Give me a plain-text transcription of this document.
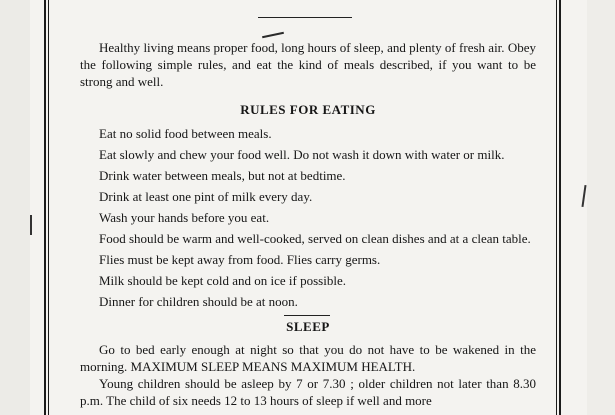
Healthy living means proper food, long hours of sleep, and plenty of fresh air. Obey the following simple rules, and eat the kind of meals described, if you want to be strong and well.

RULES FOR EATING

Eat no solid food between meals.

Eat slowly and chew your food well. Do not wash it down with water or milk.

Drink water between meals, but not at bedtime.

Drink at least one pint of milk every day.

Wash your hands before you eat.

Food should be warm and well-cooked, served on clean dishes and at a clean table.

Flies must be kept away from food. Flies carry germs.

Milk should be kept cold and on ice if possible.

Dinner for children should be at noon.

SLEEP

Go to bed early enough at night so that you do not have to be wakened in the morning. MAXIMUM SLEEP MEANS MAXIMUM HEALTH.

Young children should be asleep by 7 or 7.30 ; older children not later than 8.30 p.m. The child of six needs 12 to 13 hours of sleep if well and more
